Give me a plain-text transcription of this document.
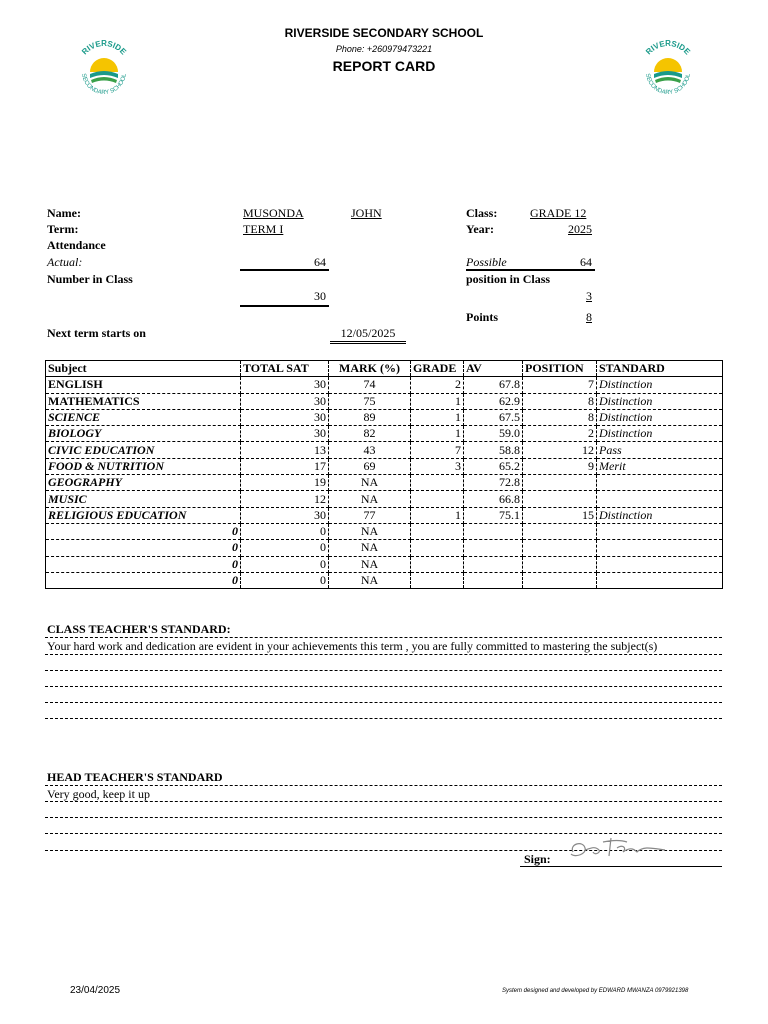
RIVERSIDE
SECONDARY SCHOOL
RIVERSIDE
SECONDARY SCHOOL
RIVERSIDE SECONDARY SCHOOL
Phone: +260979473221
REPORT CARD
Name:	MUSONDA	JOHN	Class:	GRADE 12
Term:	TERM I	Year:	2025
Attendance
Actual:	64	Possible	64
Number in Class	position in Class
30	3
Points	8
Next term starts on	12/05/2025
Subject	TOTAL SAT	MARK (%)	GRADE	AV	POSITION	STANDARD
ENGLISH	30	74	2	67.8	7	Distinction
MATHEMATICS	30	75	1	62.9	8	Distinction
SCIENCE	30	89	1	67.5	8	Distinction
BIOLOGY	30	82	1	59.0	2	Distinction
CIVIC EDUCATION	13	43	7	58.8	12	Pass
FOOD & NUTRITION	17	69	3	65.2	9	Merit
GEOGRAPHY	19	NA		72.8		
MUSIC	12	NA		66.8		
RELIGIOUS EDUCATION	30	77	1	75.1	15	Distinction
0	0	NA				
0	0	NA				
0	0	NA				
0	0	NA				
CLASS TEACHER'S STANDARD:
Your hard work and dedication are evident in your achievements this term , you are fully committed to mastering the subject(s)
HEAD TEACHER'S STANDARD
Very good, keep it up
Sign:
23/04/2025	System designed and developed by EDWARD MWANZA 0979921398
